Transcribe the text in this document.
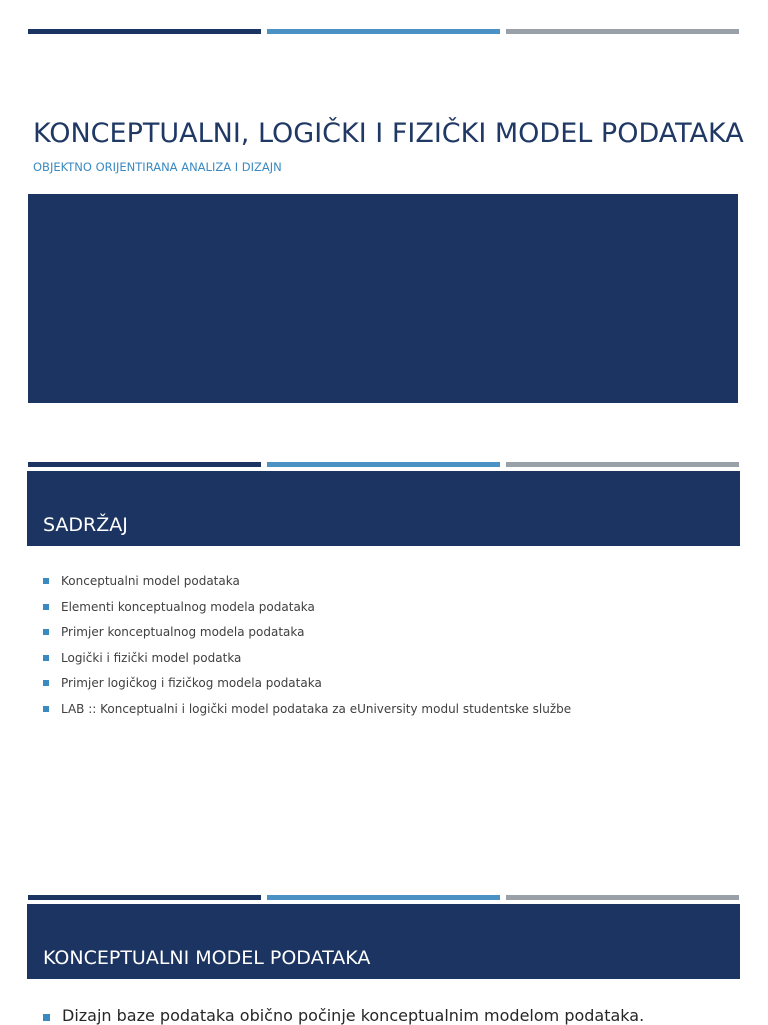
KONCEPTUALNI, LOGIČKI I FIZIČKI MODEL PODATAKA
OBJEKTNO ORIJENTIRANA ANALIZA I DIZAJN
SADRŽAJ
Konceptualni model podataka
Elementi konceptualnog modela podataka
Primjer konceptualnog modela podataka
Logički i fizički model podatka
Primjer logičkog i fizičkog modela podataka
LAB :: Konceptualni i logički model podataka za eUniversity modul studentske službe
KONCEPTUALNI MODEL PODATAKA
Dizajn baze podataka obično počinje konceptualnim modelom podataka.
